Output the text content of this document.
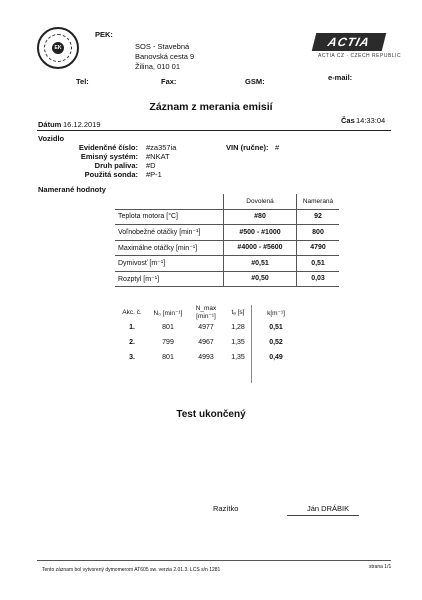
EK
PEK:
SOS - Stavebná
Banovská cesta 9
Žilina, 010 01
ACTIA
ACTIA CZ · CZECH REPUBLIC
Tel:	Fax:	GSM:	e-mail:
Záznam z merania emisií
Dátum 16.12.2019	Čas 14:33:04
Vozidlo
Evidenčné číslo: #za357ia
Emisný systém: #NKAT
Druh paliva: #D
Použitá sonda: #P-1
VIN (ručne): #
Namerané hodnoty
	Dovolená	Nameraná
Teplota motora [°C]	#80	92
Voľnobežné otáčky [min⁻¹]	#500 - #1000	800
Maximálne otáčky [min⁻¹]	#4000 - #5600	4790
Dymivosť [m⁻¹]	#0,51	0,51
Rozptyl [m⁻¹]	#0,50	0,03
Akc. č.	N₀ [min⁻¹]	N_max [min⁻¹]	tₐ [s]		k[m⁻¹]
1.	801	4977	1,28		0,51
2.	799	4967	1,35		0,52
3.	801	4993	1,35		0,49

Test ukončený
Razítko	Ján DRÁBIK
Tento záznam bol vytvorený dymomerom AT605 sw. verzia 2.01.3. LCS s/n 1281	strana 1/1
